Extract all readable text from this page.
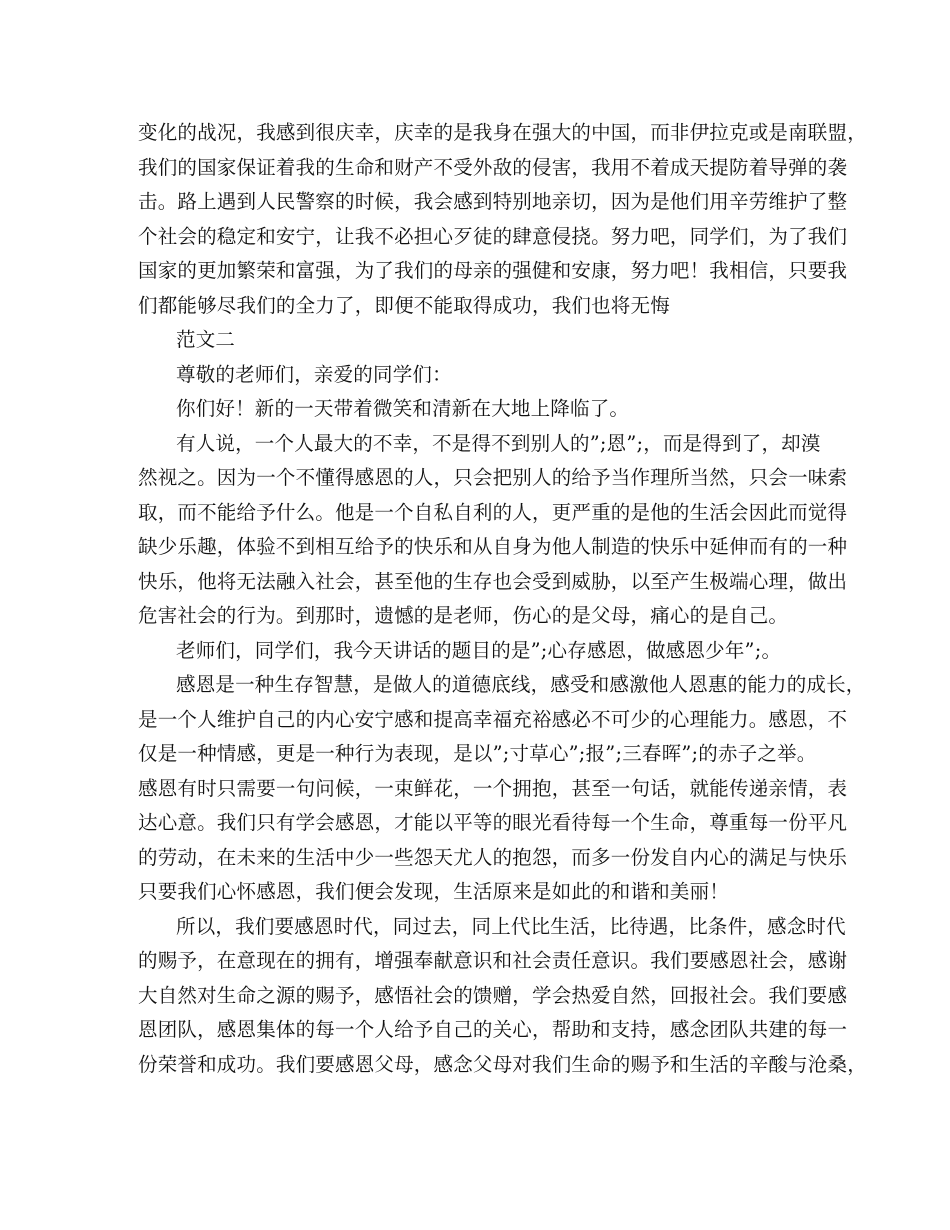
变化的战况，我感到很庆幸，庆幸的是我身在强大的中国，而非伊拉克或是南联盟，
我们的国家保证着我的生命和财产不受外敌的侵害，我用不着成天提防着导弹的袭
击。路上遇到人民警察的时候，我会感到特别地亲切，因为是他们用辛劳维护了整
个社会的稳定和安宁，让我不必担心歹徒的肆意侵挠。努力吧，同学们，为了我们
国家的更加繁荣和富强，为了我们的母亲的强健和安康，努力吧！我相信，只要我
们都能够尽我们的全力了，即便不能取得成功，我们也将无悔
范文二
尊敬的老师们，亲爱的同学们：
你们好！新的一天带着微笑和清新在大地上降临了。
有人说，一个人最大的不幸，不是得不到别人的”;恩”;，而是得到了，却漠
然视之。因为一个不懂得感恩的人，只会把别人的给予当作理所当然，只会一味索
取，而不能给予什么。他是一个自私自利的人，更严重的是他的生活会因此而觉得
缺少乐趣，体验不到相互给予的快乐和从自身为他人制造的快乐中延伸而有的一种
快乐，他将无法融入社会，甚至他的生存也会受到威胁，以至产生极端心理，做出
危害社会的行为。到那时，遗憾的是老师，伤心的是父母，痛心的是自己。
老师们，同学们，我今天讲话的题目的是”;心存感恩，做感恩少年”;。
感恩是一种生存智慧，是做人的道德底线，感受和感激他人恩惠的能力的成长，
是一个人维护自己的内心安宁感和提高幸福充裕感必不可少的心理能力。感恩，不
仅是一种情感，更是一种行为表现，是以”;寸草心”;报”;三春晖”;的赤子之举。
感恩有时只需要一句问候，一束鲜花，一个拥抱，甚至一句话，就能传递亲情，表
达心意。我们只有学会感恩，才能以平等的眼光看待每一个生命，尊重每一份平凡
的劳动，在未来的生活中少一些怨天尤人的抱怨，而多一份发自内心的满足与快乐
只要我们心怀感恩，我们便会发现，生活原来是如此的和谐和美丽！
所以，我们要感恩时代，同过去，同上代比生活，比待遇，比条件，感念时代
的赐予，在意现在的拥有，增强奉献意识和社会责任意识。我们要感恩社会，感谢
大自然对生命之源的赐予，感悟社会的馈赠，学会热爱自然，回报社会。我们要感
恩团队，感恩集体的每一个人给予自己的关心，帮助和支持，感念团队共建的每一
份荣誉和成功。我们要感恩父母，感念父母对我们生命的赐予和生活的辛酸与沧桑，
